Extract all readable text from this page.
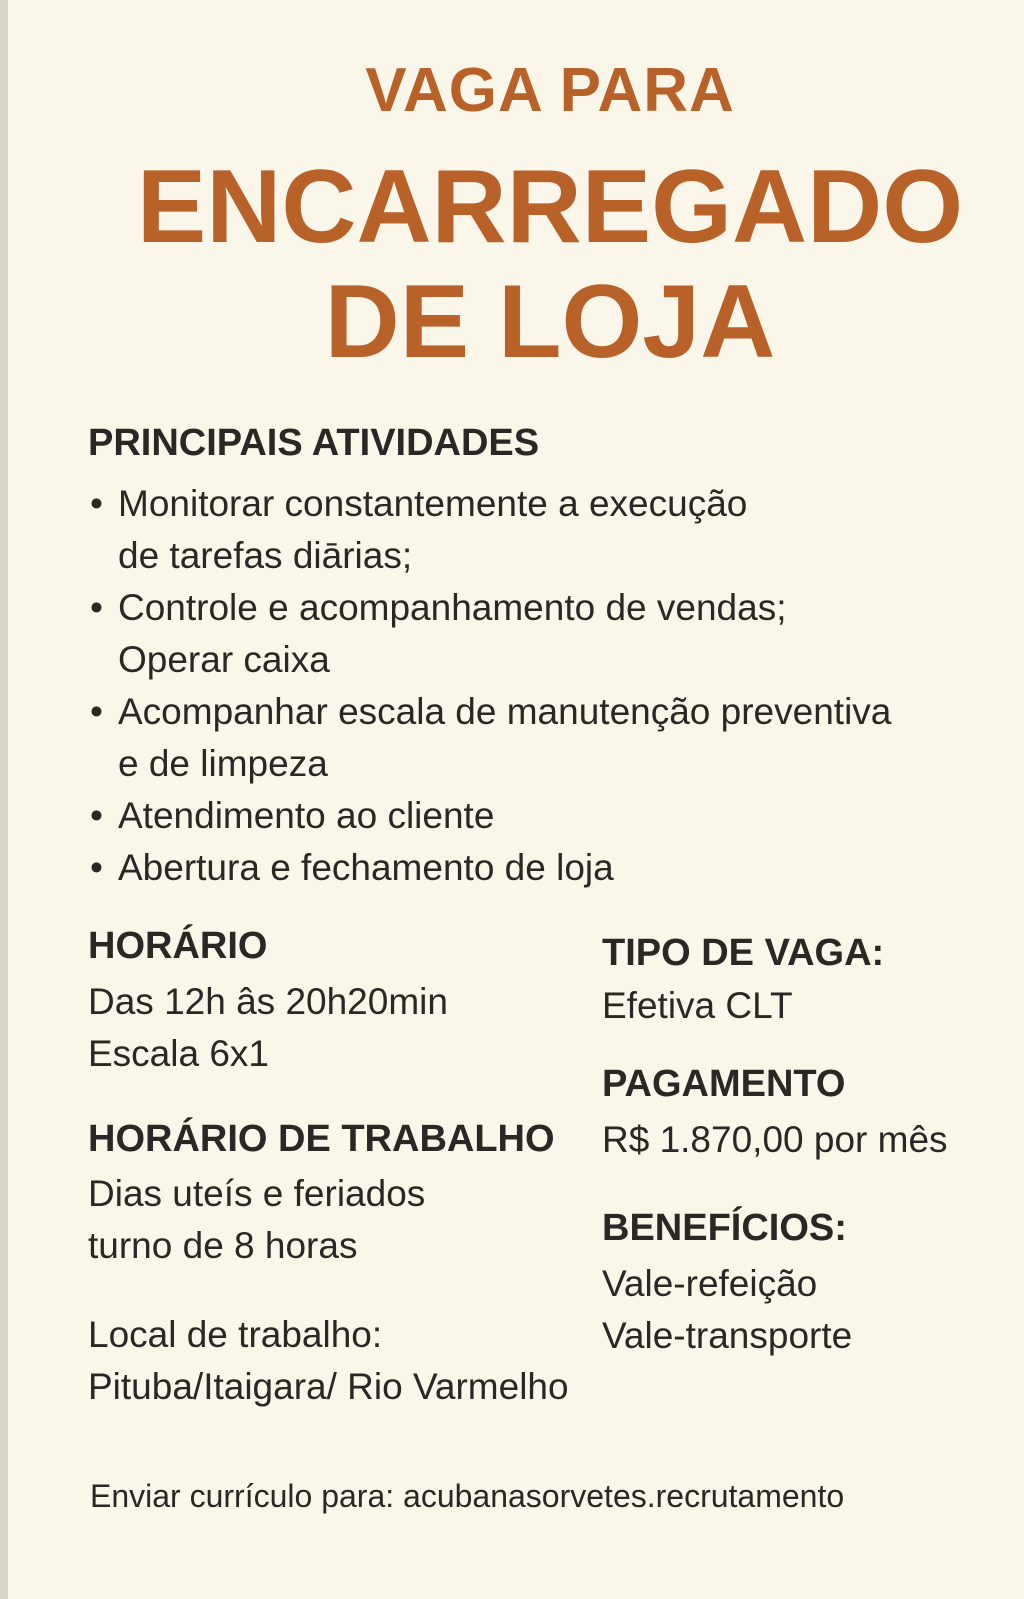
VAGA PARA
ENCARREGADO
DE LOJA
PRINCIPAIS ATIVIDADES
• Monitorar constantemente a execução
de tarefas diārias;
• Controle e acompanhamento de vendas;
Operar caixa
• Acompanhar escala de manutenção preventiva
e de limpeza
• Atendimento ao cliente
• Abertura e fechamento de loja
HORÁRIO
Das 12h âs 20h20min
Escala 6x1
HORÁRIO DE TRABALHO
Dias uteís e feriados
turno de 8 horas
Local de trabalho:
Pituba/Itaigara/ Rio Varmelho
TIPO DE VAGA:
Efetiva CLT
PAGAMENTO
R$ 1.870,00 por mês
BENEFÍCIOS:
Vale-refeição
Vale-transporte
Enviar currículo para: acubanasorvetes.recrutamento
